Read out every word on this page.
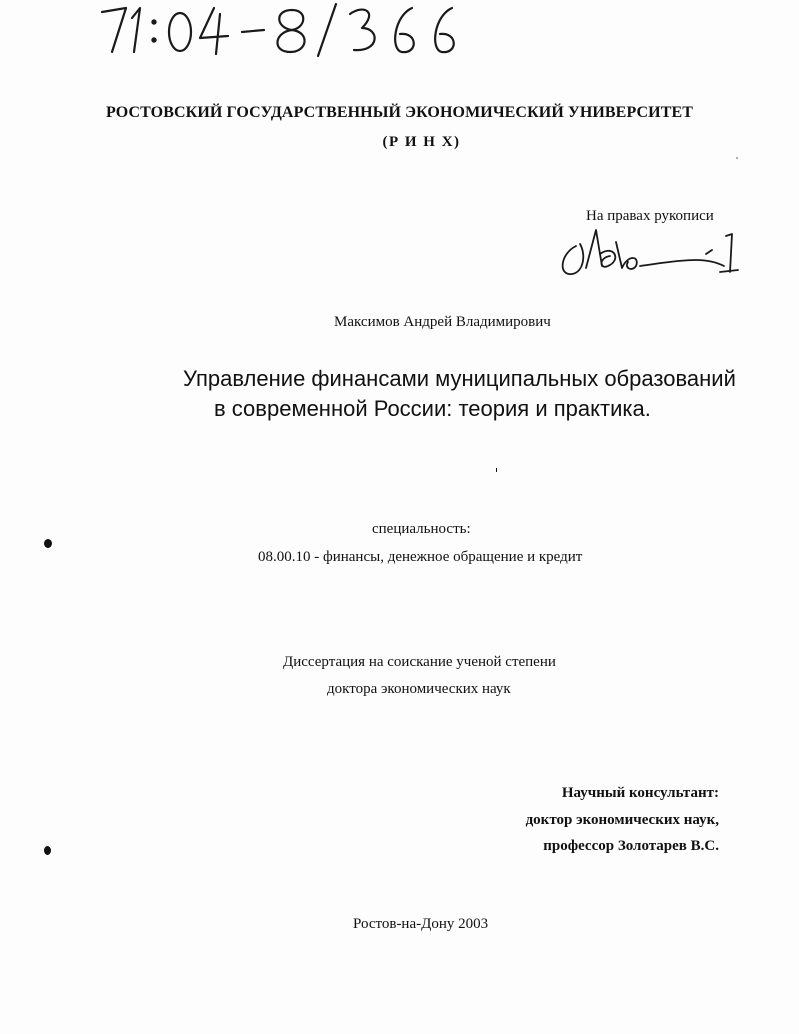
РОСТОВСКИЙ ГОСУДАРСТВЕННЫЙ ЭКОНОМИЧЕСКИЙ УНИВЕРСИТЕТ
(Р И Н Х)
На правах рукописи
Максимов Андрей Владимирович
Управление финансами муниципальных образований
в современной России: теория и практика.
специальность:
08.00.10 - финансы, денежное обращение и кредит
Диссертация на соискание ученой степени
доктора экономических наук
Научный консультант:
доктор экономических наук,
профессор Золотарев В.С.
Ростов-на-Дону 2003
